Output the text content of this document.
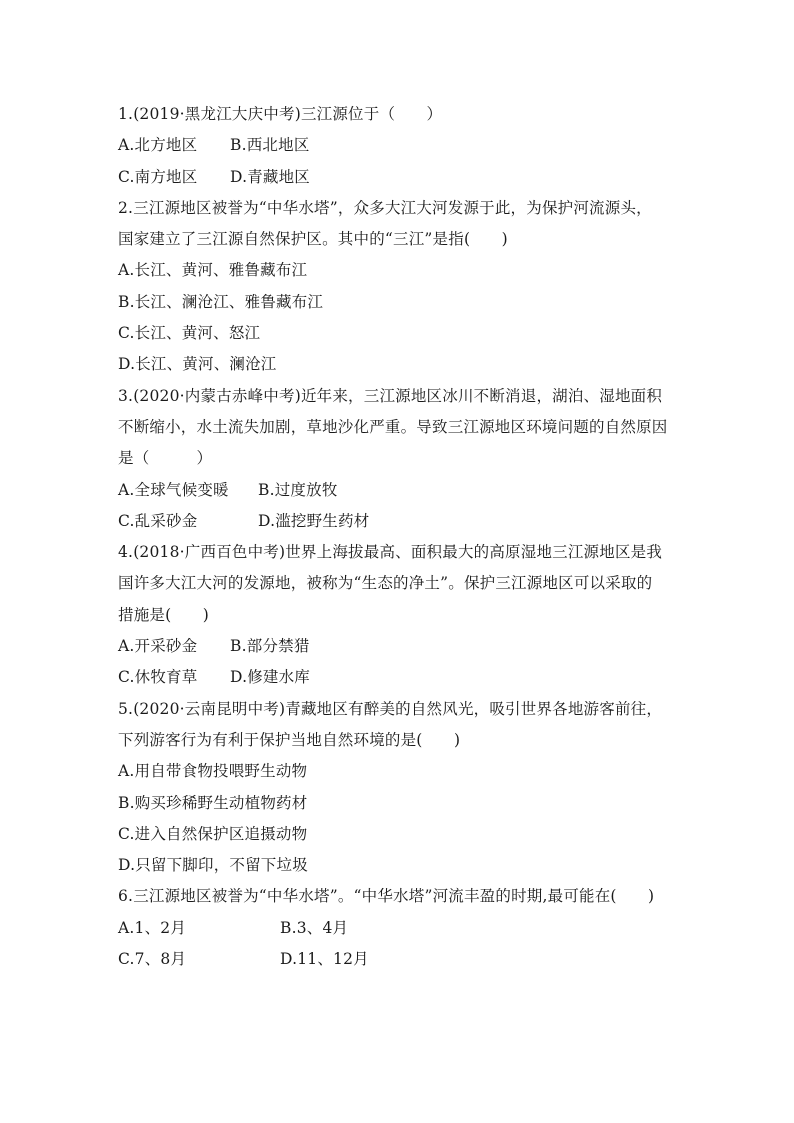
1.(2019·黑龙江大庆中考)三江源位于（　　）
A.北方地区	B.西北地区
C.南方地区	D.青藏地区
2.三江源地区被誉为“中华水塔”，众多大江大河发源于此，为保护河流源头，
国家建立了三江源自然保护区。其中的“三江”是指(　　)
A.长江、黄河、雅鲁藏布江
B.长江、澜沧江、雅鲁藏布江
C.长江、黄河、怒江
D.长江、黄河、澜沧江
3.(2020·内蒙古赤峰中考)近年来，三江源地区冰川不断消退，湖泊、湿地面积
不断缩小，水土流失加剧，草地沙化严重。导致三江源地区环境问题的自然原因
是（　　　）
A.全球气候变暖	B.过度放牧
C.乱采砂金	D.滥挖野生药材
4.(2018·广西百色中考)世界上海拔最高、面积最大的高原湿地三江源地区是我
国许多大江大河的发源地，被称为“生态的净土”。保护三江源地区可以采取的
措施是(　　)
A.开采砂金	B.部分禁猎
C.休牧育草	D.修建水库
5.(2020·云南昆明中考)青藏地区有醉美的自然风光，吸引世界各地游客前往，
下列游客行为有利于保护当地自然环境的是(　　)
A.用自带食物投喂野生动物
B.购买珍稀野生动植物药材
C.进入自然保护区追摄动物
D.只留下脚印，不留下垃圾
6.三江源地区被誉为“中华水塔”。“中华水塔”河流丰盈的时期,最可能在(　　)
A.1、2月	B.3、4月
C.7、8月	D.11、12月
